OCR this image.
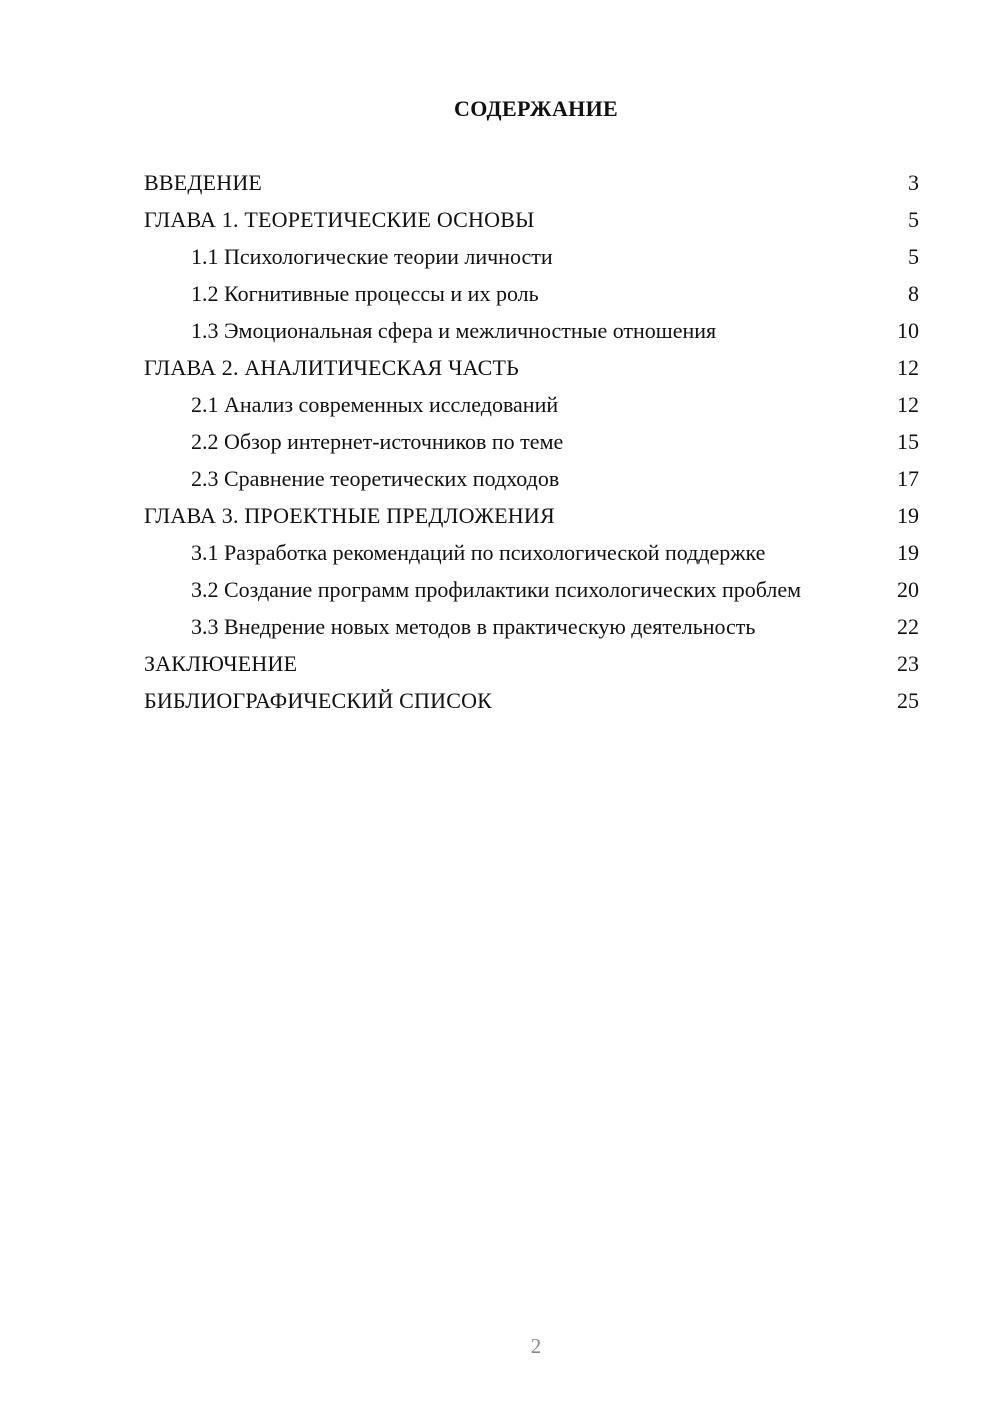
СОДЕРЖАНИЕ
ВВЕДЕНИЕ	3
ГЛАВА 1. ТЕОРЕТИЧЕСКИЕ ОСНОВЫ	5
1.1 Психологические теории личности	5
1.2 Когнитивные процессы и их роль	8
1.3 Эмоциональная сфера и межличностные отношения	10
ГЛАВА 2. АНАЛИТИЧЕСКАЯ ЧАСТЬ	12
2.1 Анализ современных исследований	12
2.2 Обзор интернет-источников по теме	15
2.3 Сравнение теоретических подходов	17
ГЛАВА 3. ПРОЕКТНЫЕ ПРЕДЛОЖЕНИЯ	19
3.1 Разработка рекомендаций по психологической поддержке	19
3.2 Создание программ профилактики психологических проблем	20
3.3 Внедрение новых методов в практическую деятельность	22
ЗАКЛЮЧЕНИЕ	23
БИБЛИОГРАФИЧЕСКИЙ СПИСОК	25
2
